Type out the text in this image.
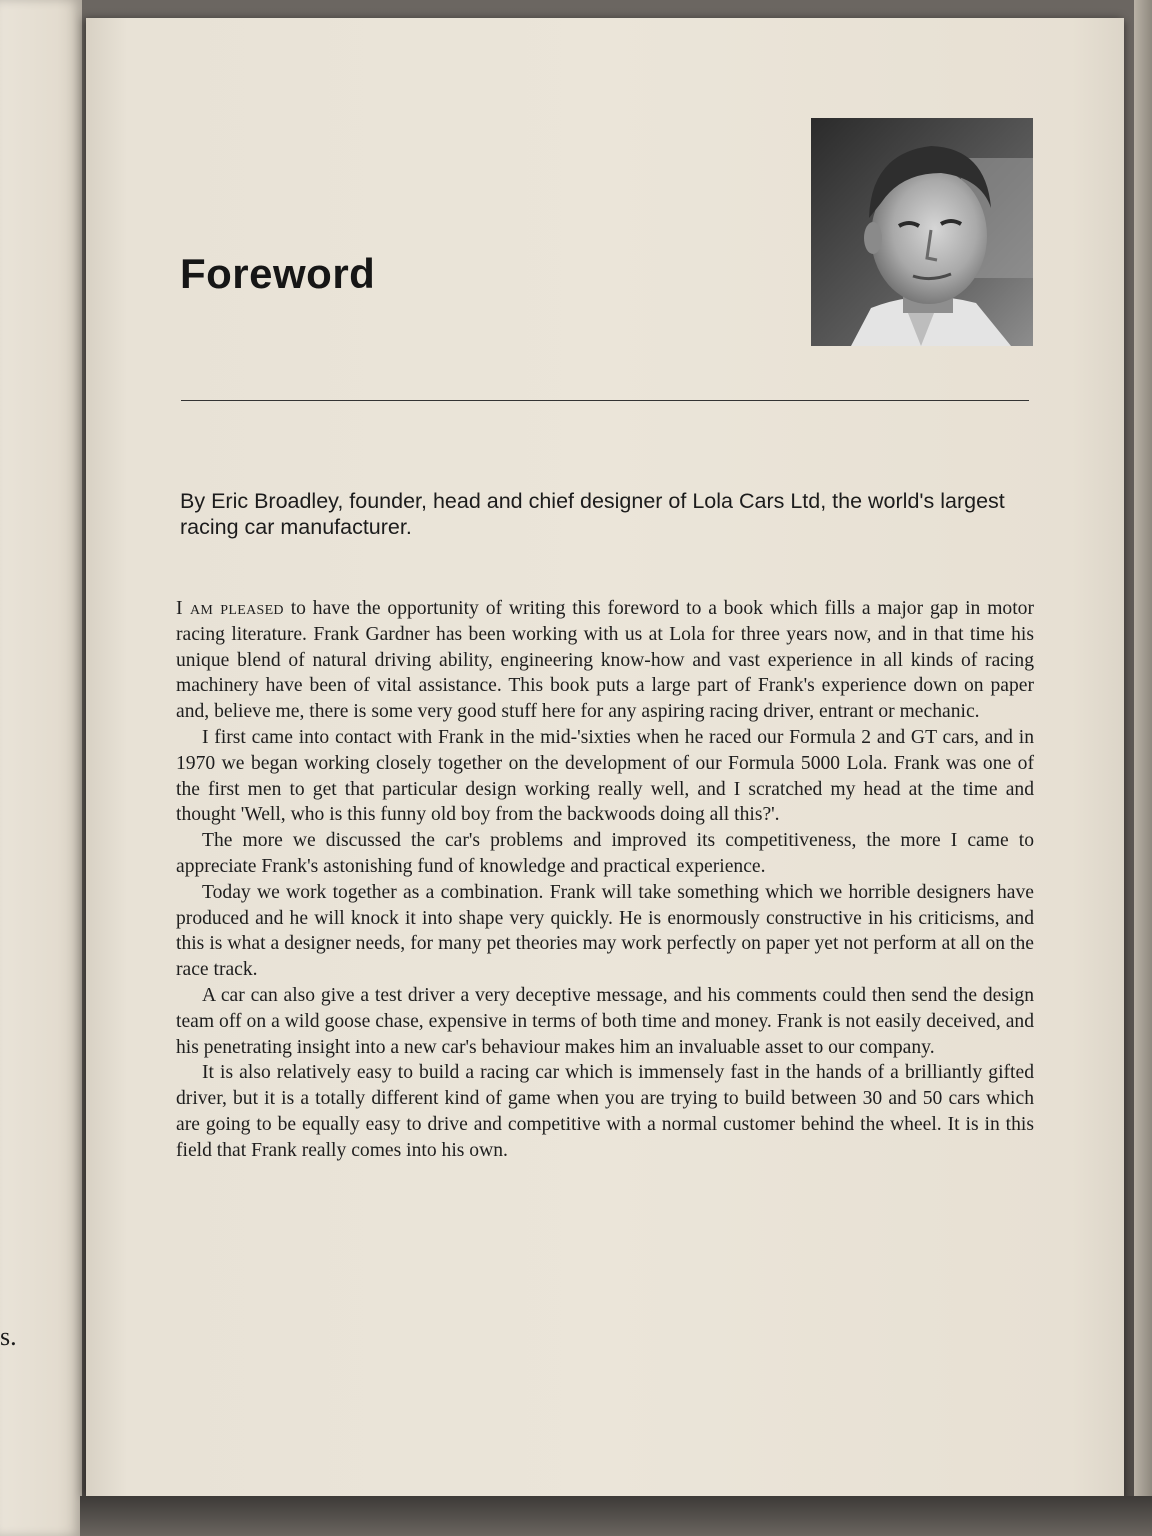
s.
Foreword

By Eric Broadley, founder, head and chief designer of Lola Cars Ltd, the world's largest racing car manufacturer.

I am pleased to have the opportunity of writing this foreword to a book which fills a major gap in motor racing literature. Frank Gardner has been working with us at Lola for three years now, and in that time his unique blend of natural driving ability, engineering know-how and vast experience in all kinds of racing machinery have been of vital assistance. This book puts a large part of Frank's experience down on paper and, believe me, there is some very good stuff here for any aspiring racing driver, entrant or mechanic.

I first came into contact with Frank in the mid-'sixties when he raced our Formula 2 and GT cars, and in 1970 we began working closely together on the development of our Formula 5000 Lola. Frank was one of the first men to get that particular design working really well, and I scratched my head at the time and thought 'Well, who is this funny old boy from the backwoods doing all this?'.

The more we discussed the car's problems and improved its competitiveness, the more I came to appreciate Frank's astonishing fund of knowledge and practical experience.

Today we work together as a combination. Frank will take something which we horrible designers have produced and he will knock it into shape very quickly. He is enormously constructive in his criticisms, and this is what a designer needs, for many pet theories may work perfectly on paper yet not perform at all on the race track.

A car can also give a test driver a very deceptive message, and his comments could then send the design team off on a wild goose chase, expensive in terms of both time and money. Frank is not easily deceived, and his penetrating insight into a new car's behaviour makes him an invaluable asset to our company.

It is also relatively easy to build a racing car which is immensely fast in the hands of a brilliantly gifted driver, but it is a totally different kind of game when you are trying to build between 30 and 50 cars which are going to be equally easy to drive and competitive with a normal customer behind the wheel. It is in this field that Frank really comes into his own.
